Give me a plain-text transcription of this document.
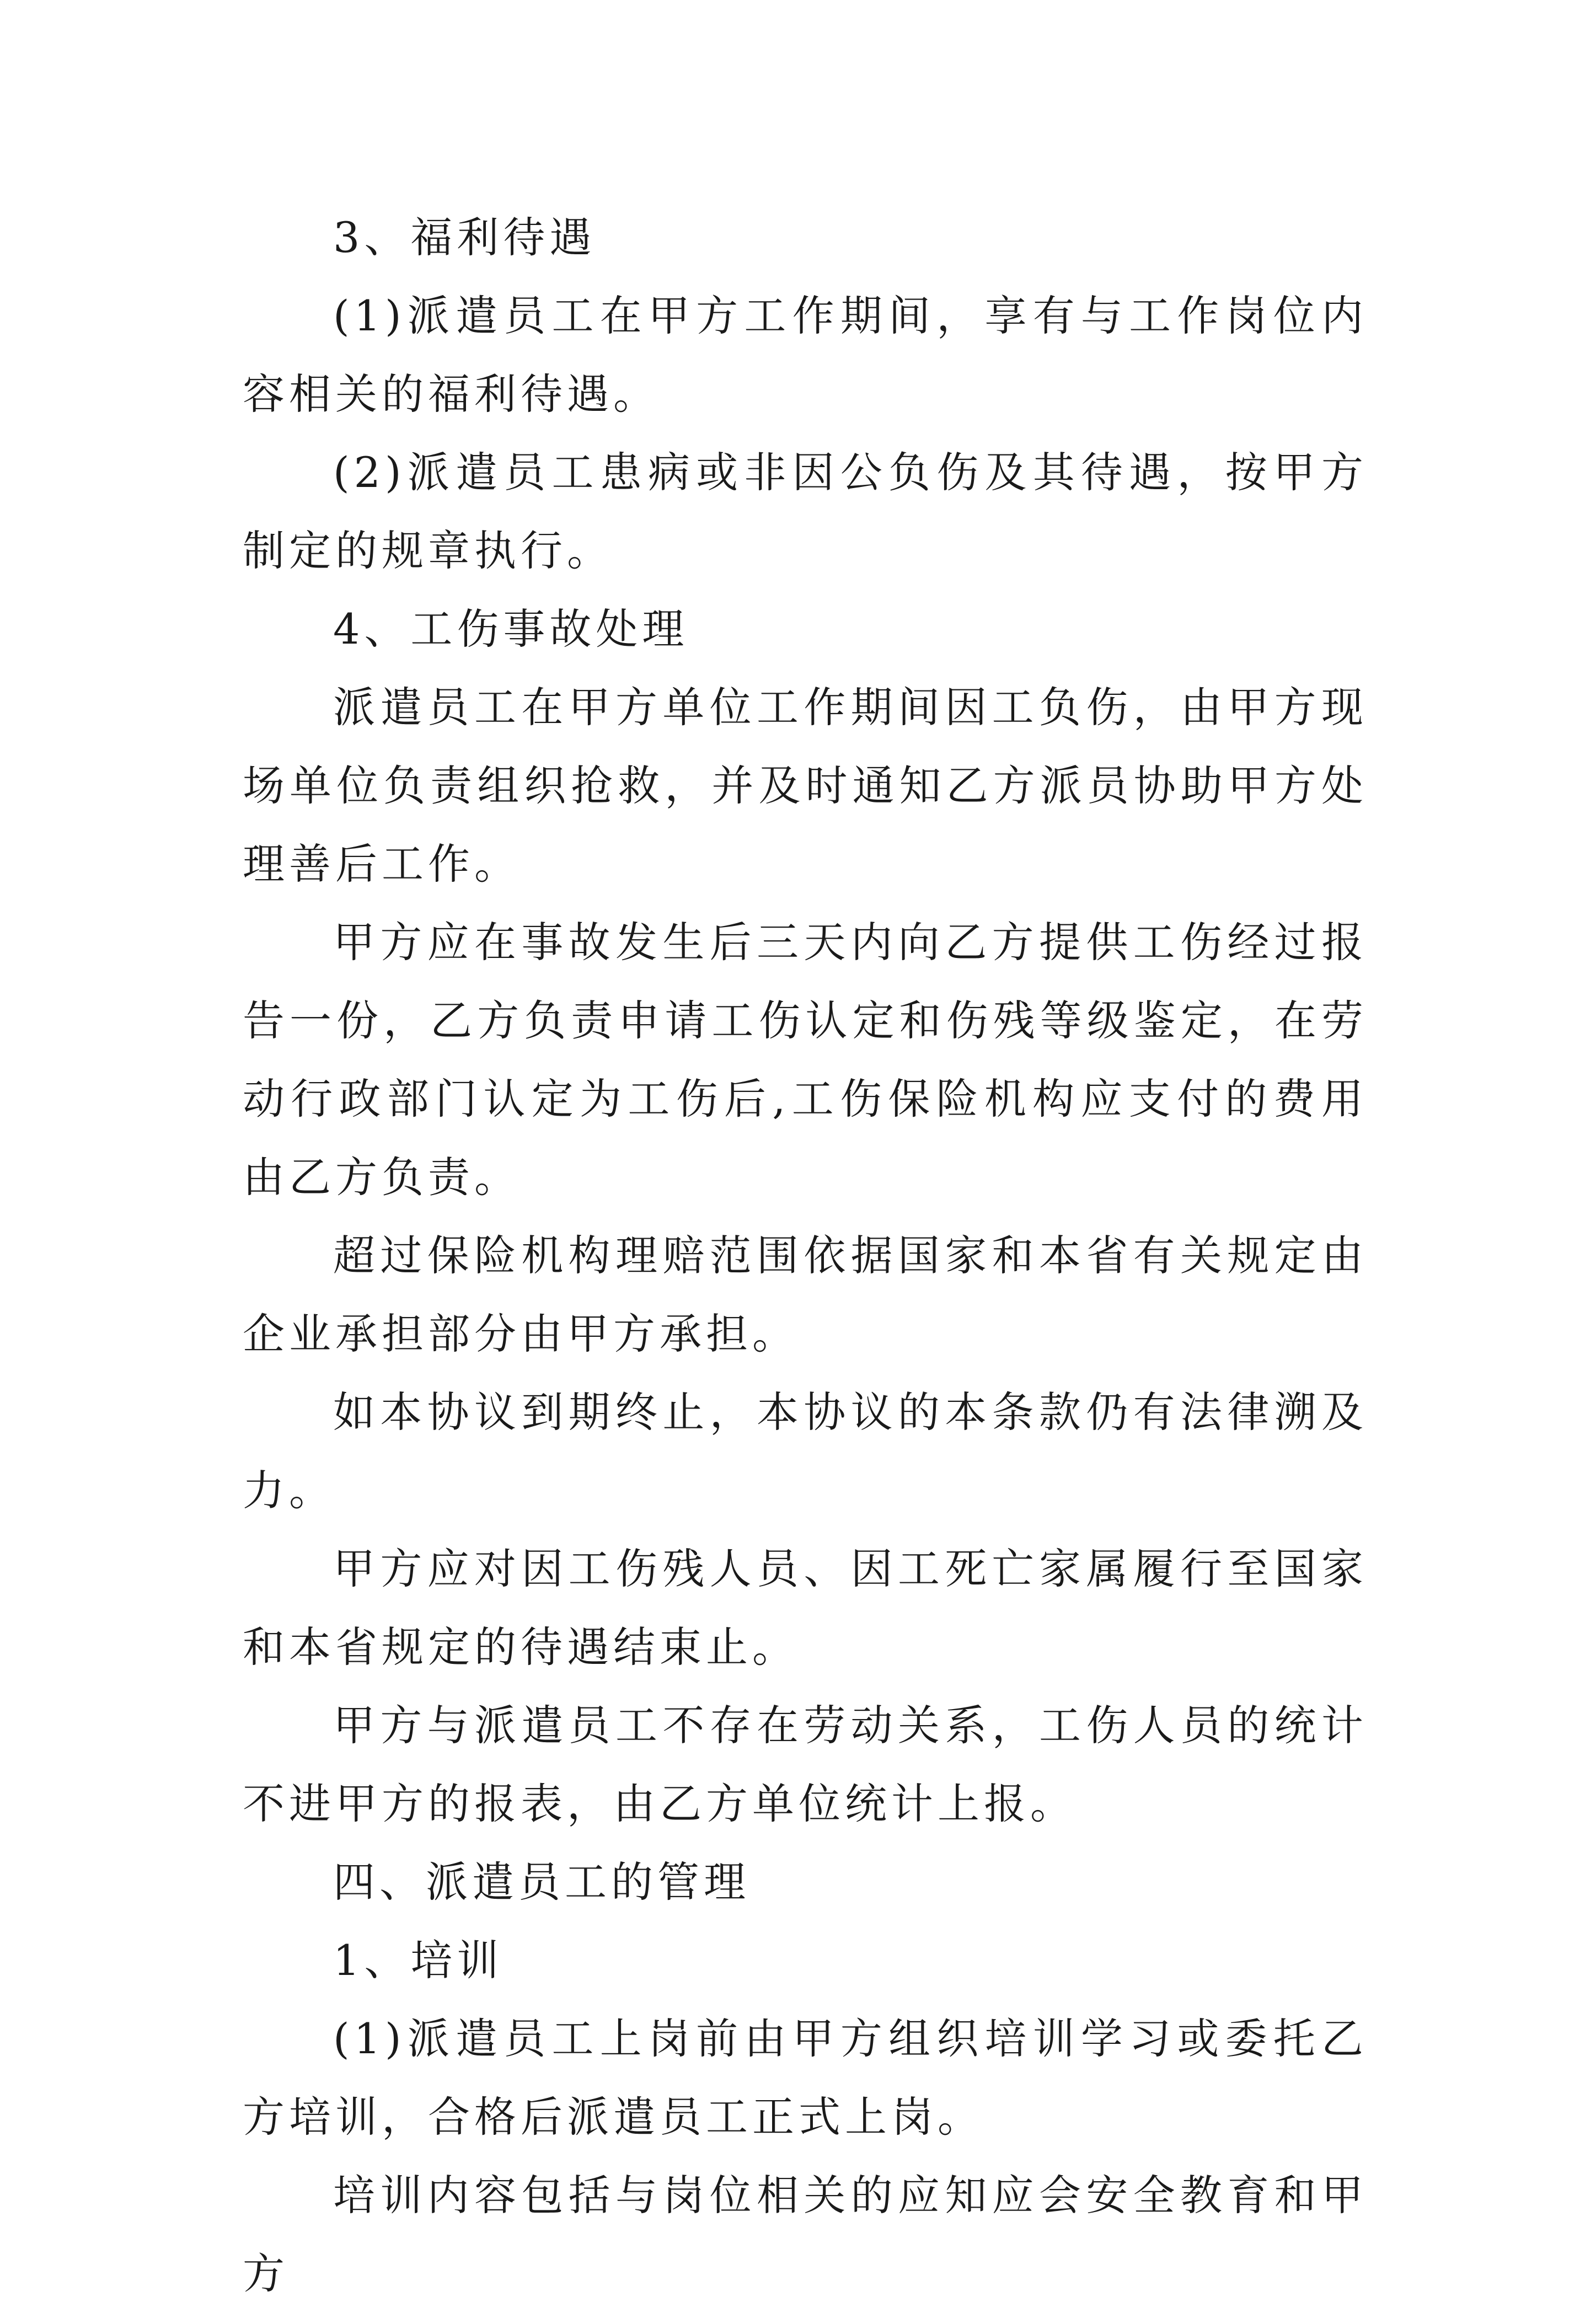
3、福利待遇

(1)派遣员工在甲方工作期间，享有与工作岗位内容相关的福利待遇。

(2)派遣员工患病或非因公负伤及其待遇，按甲方制定的规章执行。

4、工伤事故处理

派遣员工在甲方单位工作期间因工负伤，由甲方现场单位负责组织抢救，并及时通知乙方派员协助甲方处理善后工作。

甲方应在事故发生后三天内向乙方提供工伤经过报告一份，乙方负责申请工伤认定和伤残等级鉴定，在劳动行政部门认定为工伤后,工伤保险机构应支付的费用由乙方负责。

超过保险机构理赔范围依据国家和本省有关规定由企业承担部分由甲方承担。

如本协议到期终止，本协议的本条款仍有法律溯及力。

甲方应对因工伤残人员、因工死亡家属履行至国家和本省规定的待遇结束止。

甲方与派遣员工不存在劳动关系，工伤人员的统计不进甲方的报表，由乙方单位统计上报。

四、派遣员工的管理

1、培训

(1)派遣员工上岗前由甲方组织培训学习或委托乙方培训，合格后派遣员工正式上岗。

培训内容包括与岗位相关的应知应会安全教育和甲方
